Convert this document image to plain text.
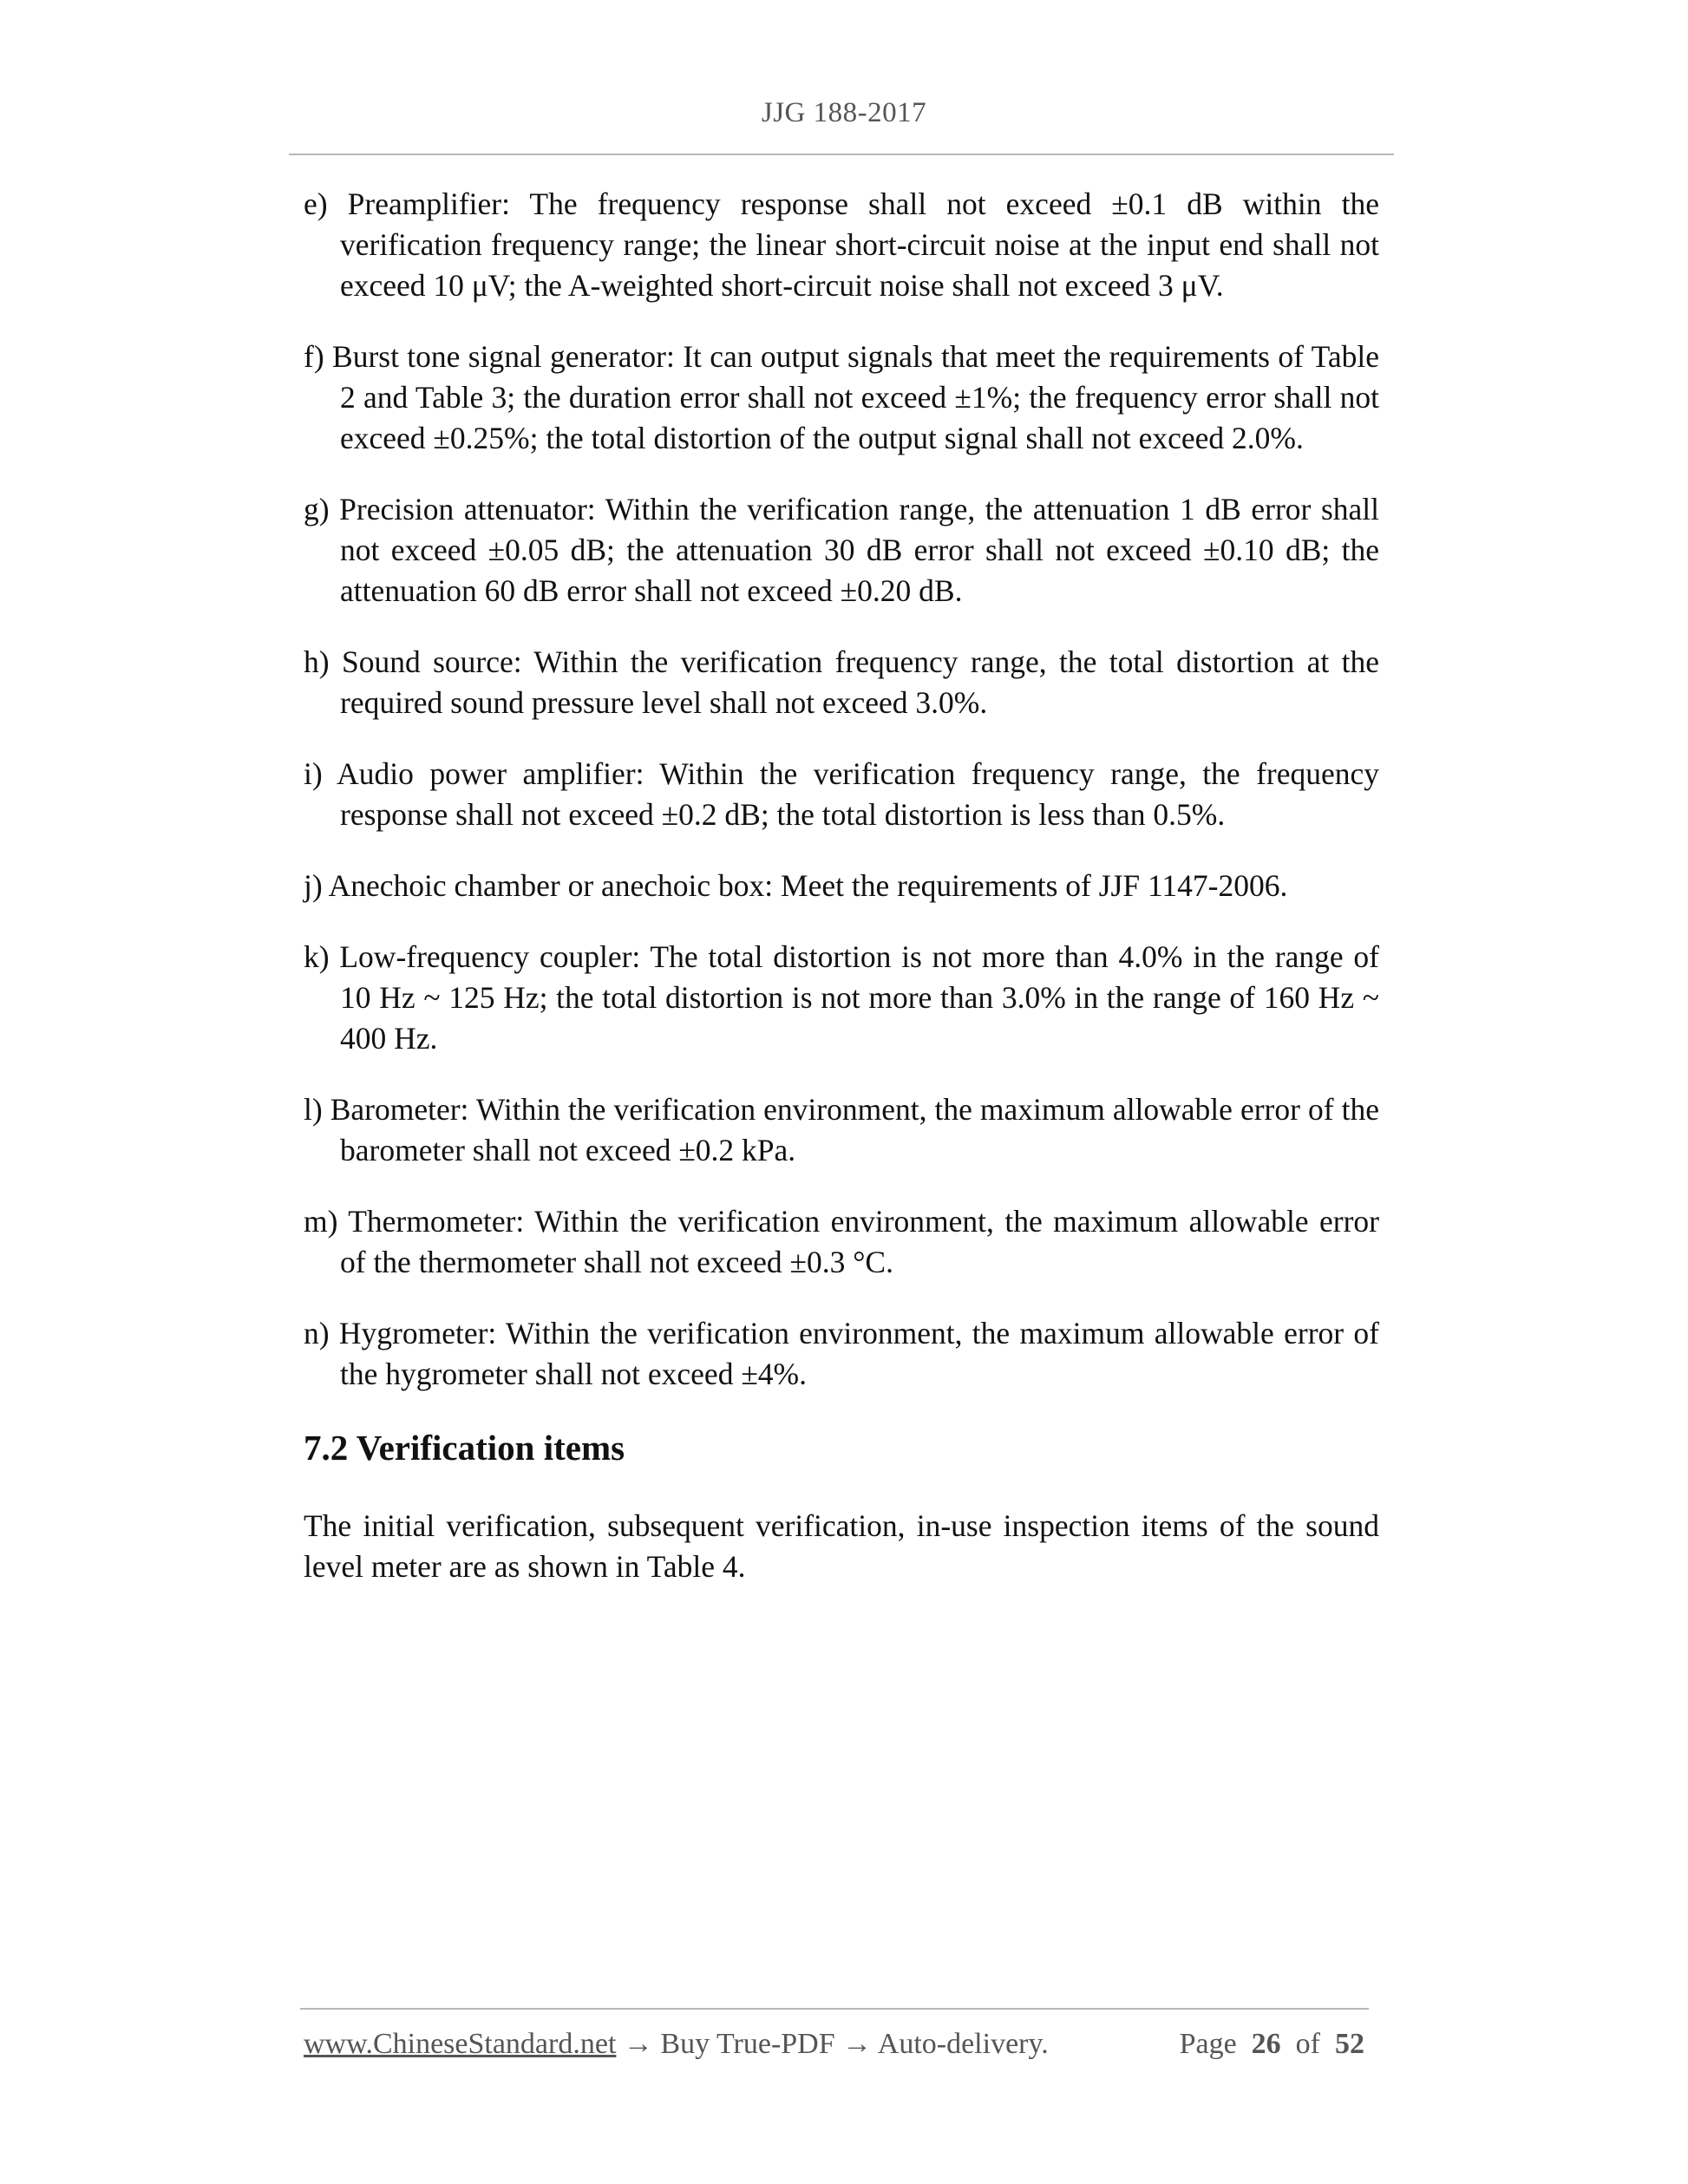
JJG 188-2017

e) Preamplifier: The frequency response shall not exceed ±0.1 dB within the verification frequency range; the linear short-circuit noise at the input end shall not exceed 10 μV; the A-weighted short-circuit noise shall not exceed 3 μV.

f) Burst tone signal generator: It can output signals that meet the requirements of Table 2 and Table 3; the duration error shall not exceed ±1%; the frequency error shall not exceed ±0.25%; the total distortion of the output signal shall not exceed 2.0%.

g) Precision attenuator: Within the verification range, the attenuation 1 dB error shall not exceed ±0.05 dB; the attenuation 30 dB error shall not exceed ±0.10 dB; the attenuation 60 dB error shall not exceed ±0.20 dB.

h) Sound source: Within the verification frequency range, the total distortion at the required sound pressure level shall not exceed 3.0%.

i) Audio power amplifier: Within the verification frequency range, the frequency response shall not exceed ±0.2 dB; the total distortion is less than 0.5%.

j) Anechoic chamber or anechoic box: Meet the requirements of JJF 1147-2006.

k) Low-frequency coupler: The total distortion is not more than 4.0% in the range of 10 Hz ~ 125 Hz; the total distortion is not more than 3.0% in the range of 160 Hz ~ 400 Hz.

l) Barometer: Within the verification environment, the maximum allowable error of the barometer shall not exceed ±0.2 kPa.

m) Thermometer: Within the verification environment, the maximum allowable error of the thermometer shall not exceed ±0.3 °C.

n) Hygrometer: Within the verification environment, the maximum allowable error of the hygrometer shall not exceed ±4%.

7.2 Verification items

The initial verification, subsequent verification, in-use inspection items of the sound level meter are as shown in Table 4.

www.ChineseStandard.net → Buy True-PDF → Auto-delivery.	Page 26 of 52
